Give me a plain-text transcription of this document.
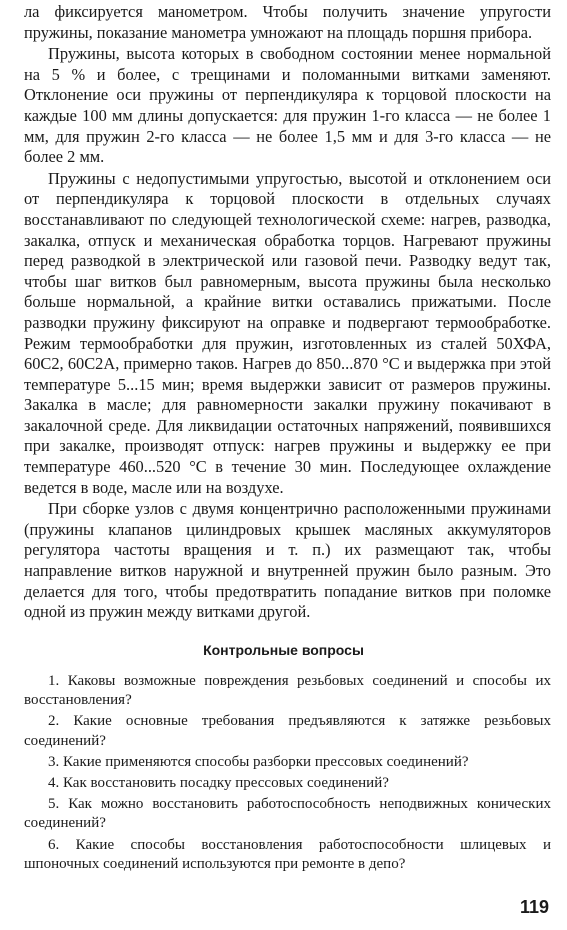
ла фиксируется манометром. Чтобы получить значение упругости пружины, показание манометра умножают на площадь поршня прибора.

Пружины, высота которых в свободном состоянии менее нормальной на 5 % и более, с трещинами и поломанными витками заменяют. Отклонение оси пружины от перпендикуляра к торцовой плоскости на каждые 100 мм длины допускается: для пружин 1-го класса — не более 1 мм, для пружин 2-го класса — не более 1,5 мм и для 3-го класса — не более 2 мм.

Пружины с недопустимыми упругостью, высотой и отклонением оси от перпендикуляра к торцовой плоскости в отдельных случаях восстанавливают по следующей технологической схеме: нагрев, разводка, закалка, отпуск и механическая обработка торцов. Нагревают пружины перед разводкой в электрической или газовой печи. Разводку ведут так, чтобы шаг витков был равномерным, высота пружины была несколько больше нормальной, а крайние витки оставались прижатыми. После разводки пружину фиксируют на оправке и подвергают термообработке. Режим термообработки для пружин, изготовленных из сталей 50ХФА, 60С2, 60С2А, примерно таков. Нагрев до 850...870 °С и выдержка при этой температуре 5...15 мин; время выдержки зависит от размеров пружины. Закалка в масле; для равномерности закалки пружину покачивают в закалочной среде. Для ликвидации остаточных напряжений, появившихся при закалке, производят отпуск: нагрев пружины и выдержку ее при температуре 460...520 °С в течение 30 мин. Последующее охлаждение ведется в воде, масле или на воздухе.

При сборке узлов с двумя концентрично расположенными пружинами (пружины клапанов цилиндровых крышек масляных аккумуляторов регулятора частоты вращения и т. п.) их размещают так, чтобы направление витков наружной и внутренней пружин было разным. Это делается для того, чтобы предотвратить попадание витков при поломке одной из пружин между витками другой.

Контрольные вопросы

1. Каковы возможные повреждения резьбовых соединений и способы их восстановления?

2. Какие основные требования предъявляются к затяжке резьбовых соединений?

3. Какие применяются способы разборки прессовых соединений?

4. Как восстановить посадку прессовых соединений?

5. Как можно восстановить работоспособность неподвижных конических соединений?

6. Какие способы восстановления работоспособности шлицевых и шпоночных соединений используются при ремонте в депо?

119
